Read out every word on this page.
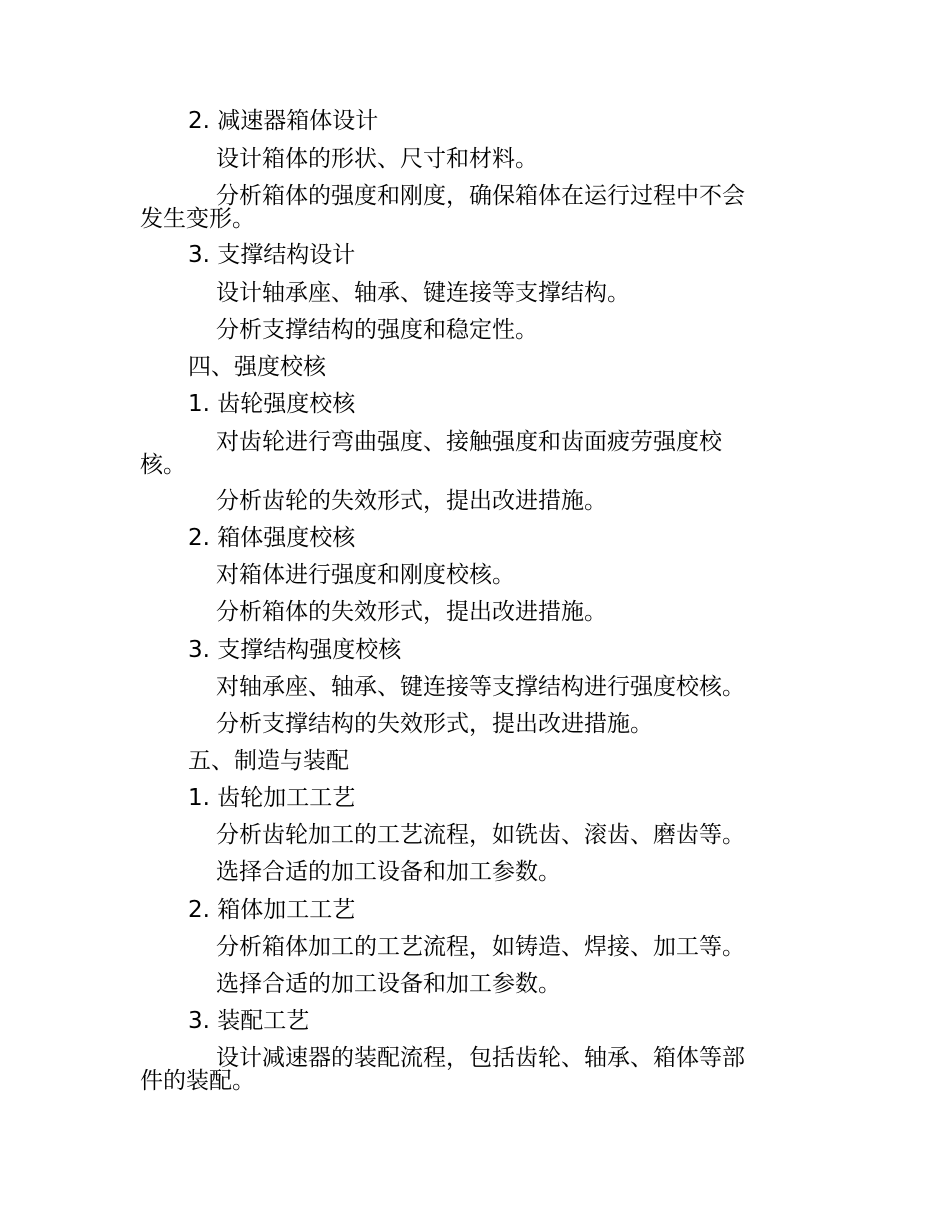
2. 减速器箱体设计
设计箱体的形状、尺寸和材料。
分析箱体的强度和刚度，确保箱体在运行过程中不会
发生变形。
3. 支撑结构设计
设计轴承座、轴承、键连接等支撑结构。
分析支撑结构的强度和稳定性。
四、强度校核
1. 齿轮强度校核
对齿轮进行弯曲强度、接触强度和齿面疲劳强度校
核。
分析齿轮的失效形式，提出改进措施。
2. 箱体强度校核
对箱体进行强度和刚度校核。
分析箱体的失效形式，提出改进措施。
3. 支撑结构强度校核
对轴承座、轴承、键连接等支撑结构进行强度校核。
分析支撑结构的失效形式，提出改进措施。
五、制造与装配
1. 齿轮加工工艺
分析齿轮加工的工艺流程，如铣齿、滚齿、磨齿等。
选择合适的加工设备和加工参数。
2. 箱体加工工艺
分析箱体加工的工艺流程，如铸造、焊接、加工等。
选择合适的加工设备和加工参数。
3. 装配工艺
设计减速器的装配流程，包括齿轮、轴承、箱体等部
件的装配。
